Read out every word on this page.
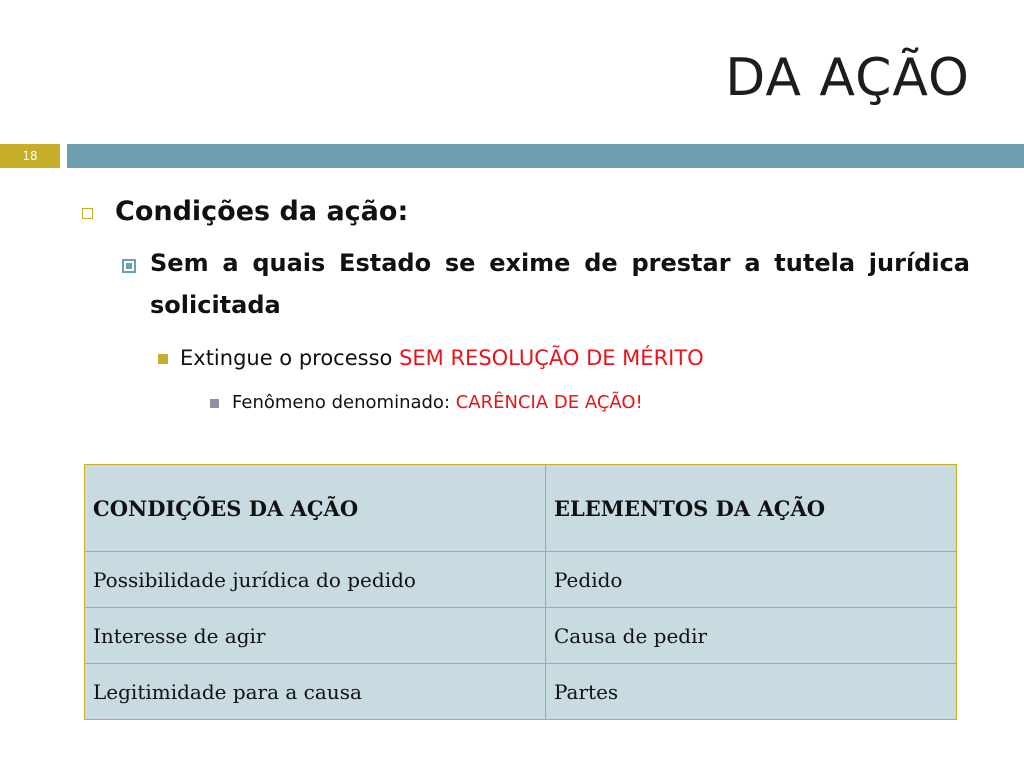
DA AÇÃO
18
Condições da ação:
Sem a quais Estado se exime de prestar a tutela jurídica solicitada
Extingue o processo SEM RESOLUÇÃO DE MÉRITO
Fenômeno denominado: CARÊNCIA DE AÇÃO!
CONDIÇÕES DA AÇÃO	ELEMENTOS DA AÇÃO
Possibilidade jurídica do pedido	Pedido
Interesse de agir	Causa de pedir
Legitimidade para a causa	Partes
